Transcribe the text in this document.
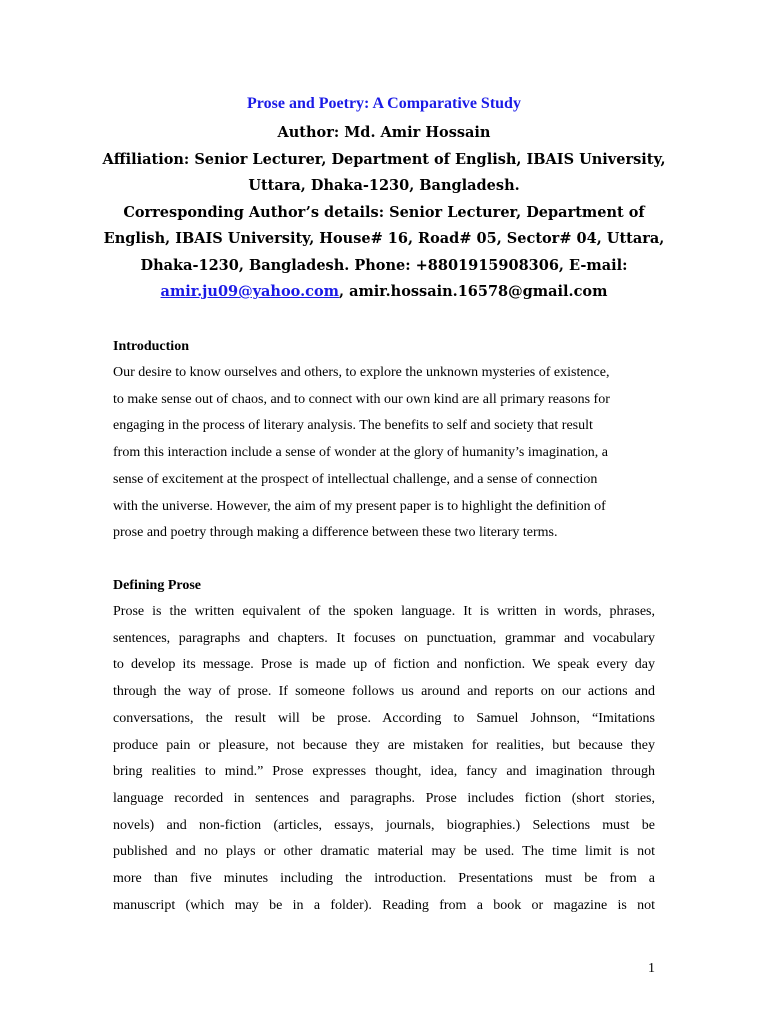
Prose and Poetry: A Comparative Study

Author: Md. Amir Hossain

Affiliation: Senior Lecturer, Department of English, IBAIS University,

Uttara, Dhaka-1230, Bangladesh.

Corresponding Author’s details: Senior Lecturer, Department of

English, IBAIS University, House# 16, Road# 05, Sector# 04, Uttara,

Dhaka-1230, Bangladesh. Phone: +8801915908306, E-mail:

amir.ju09@yahoo.com, amir.hossain.16578@gmail.com

Introduction

Our desire to know ourselves and others, to explore the unknown mysteries of existence,

to make sense out of chaos, and to connect with our own kind are all primary reasons for

engaging in the process of literary analysis. The benefits to self and society that result

from this interaction include a sense of wonder at the glory of humanity’s imagination, a

sense of excitement at the prospect of intellectual challenge, and a sense of connection

with the universe. However, the aim of my present paper is to highlight the definition of

prose and poetry through making a difference between these two literary terms.

Defining Prose

Prose is the written equivalent of the spoken language. It is written in words, phrases,

sentences, paragraphs and chapters. It focuses on punctuation, grammar and vocabulary

to develop its message. Prose is made up of fiction and nonfiction. We speak every day

through the way of prose. If someone follows us around and reports on our actions and

conversations, the result will be prose. According to Samuel Johnson, “Imitations

produce pain or pleasure, not because they are mistaken for realities, but because they

bring realities to mind.” Prose expresses thought, idea, fancy and imagination through

language recorded in sentences and paragraphs. Prose includes fiction (short stories,

novels) and non-fiction (articles, essays, journals, biographies.) Selections must be

published and no plays or other dramatic material may be used. The time limit is not

more than five minutes including the introduction. Presentations must be from a

manuscript (which may be in a folder). Reading from a book or magazine is not

1
